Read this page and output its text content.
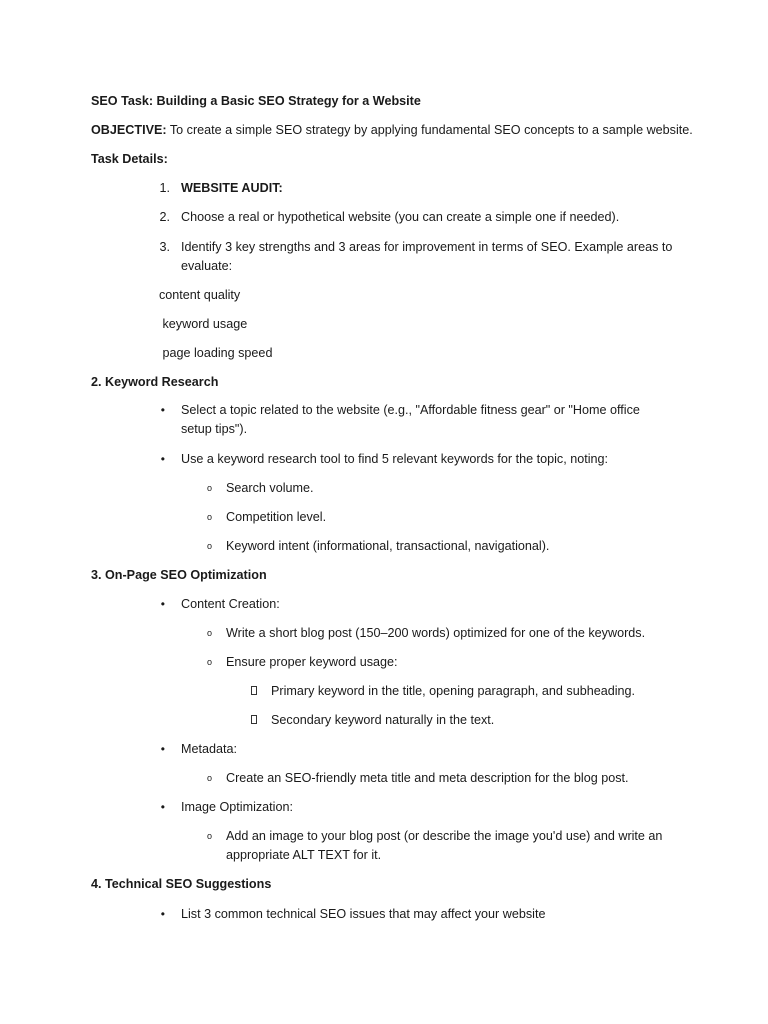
SEO Task: Building a Basic SEO Strategy for a Website
OBJECTIVE: To create a simple SEO strategy by applying fundamental SEO concepts to a sample website.
Task Details:
1. WEBSITE AUDIT:
2. Choose a real or hypothetical website (you can create a simple one if needed).
3. Identify 3 key strengths and 3 areas for improvement in terms of SEO. Example areas to evaluate:
content quality
keyword usage
page loading speed
2. Keyword Research
• Select a topic related to the website (e.g., "Affordable fitness gear" or "Home office setup tips").
• Use a keyword research tool to find 5 relevant keywords for the topic, noting:
o Search volume.
o Competition level.
o Keyword intent (informational, transactional, navigational).
3. On-Page SEO Optimization
• Content Creation:
o Write a short blog post (150–200 words) optimized for one of the keywords.
o Ensure proper keyword usage:
Primary keyword in the title, opening paragraph, and subheading.
Secondary keyword naturally in the text.
• Metadata:
o Create an SEO-friendly meta title and meta description for the blog post.
• Image Optimization:
o Add an image to your blog post (or describe the image you'd use) and write an appropriate ALT TEXT for it.
4. Technical SEO Suggestions
• List 3 common technical SEO issues that may affect your website
